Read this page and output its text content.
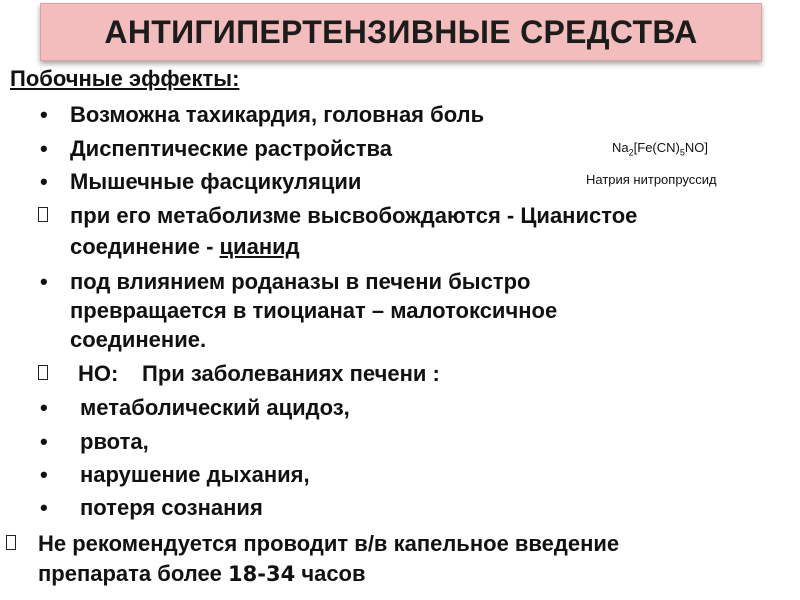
АНТИГИПЕРТЕНЗИВНЫЕ СРЕДСТВА
Побочные эффекты:
• Возможна тахикардия, головная боль
• Диспептические растройства
• Мышечные фасцикуляции
$Na_2[Fe(CN)_5NO]$
Натрия нитропруссид
при его метаболизме высвобождаются - Цианистое
соединение - цианид
• под влиянием роданазы в печени быстро
превращается в тиоцианат – малотоксичное
соединение.
НО: При заболеваниях печени :
• метаболический ацидоз,
• рвота,
• нарушение дыхания,
• потеря сознания
Не рекомендуется проводит в/в капельное введение
препарата более 18-34 часов
